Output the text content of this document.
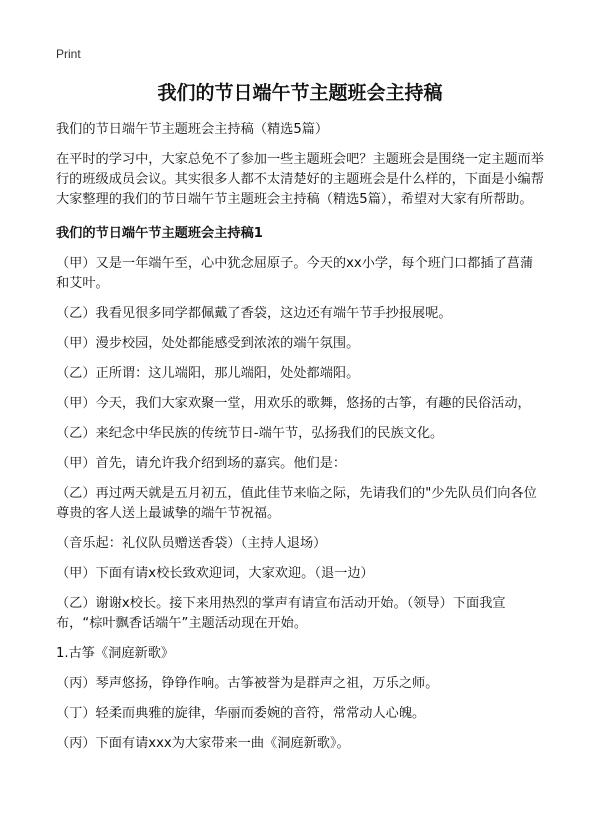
Print
我们的节日端午节主题班会主持稿

我们的节日端午节主题班会主持稿（精选5篇）

在平时的学习中，大家总免不了参加一些主题班会吧？主题班会是围绕一定主题而举行的班级成员会议。其实很多人都不太清楚好的主题班会是什么样的，下面是小编帮大家整理的我们的节日端午节主题班会主持稿（精选5篇），希望对大家有所帮助。

我们的节日端午节主题班会主持稿1

（甲）又是一年端午至，心中犹念屈原子。今天的xx小学，每个班门口都插了菖蒲和艾叶。

（乙）我看见很多同学都佩戴了香袋，这边还有端午节手抄报展呢。

（甲）漫步校园，处处都能感受到浓浓的端午氛围。

（乙）正所谓：这儿端阳，那儿端阳，处处都端阳。

（甲）今天，我们大家欢聚一堂，用欢乐的歌舞，悠扬的古筝，有趣的民俗活动，

（乙）来纪念中华民族的传统节日-端午节，弘扬我们的民族文化。

（甲）首先，请允许我介绍到场的嘉宾。他们是：

（乙）再过两天就是五月初五，值此佳节来临之际，先请我们的"少先队员们向各位尊贵的客人送上最诚挚的端午节祝福。

（音乐起：礼仪队员赠送香袋）（主持人退场）

（甲）下面有请x校长致欢迎词，大家欢迎。（退一边）

（乙）谢谢x校长。接下来用热烈的掌声有请宣布活动开始。（领导）下面我宣布，“棕叶飘香话端午”主题活动现在开始。

1.古筝《洞庭新歌》

（丙）琴声悠扬，铮铮作响。古筝被誉为是群声之祖，万乐之师。

（丁）轻柔而典雅的旋律，华丽而委婉的音符，常常动人心魄。

（丙）下面有请xxx为大家带来一曲《洞庭新歌》。
